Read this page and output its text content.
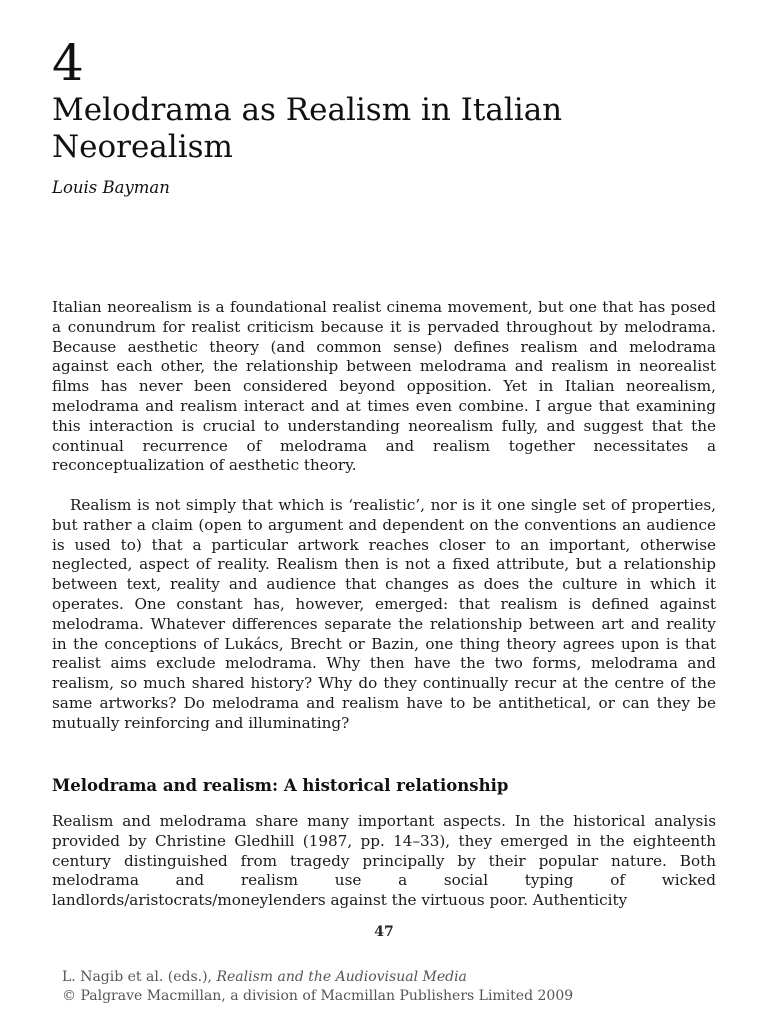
4
Melodrama as Realism in Italian Neorealism
Louis Bayman

Italian neorealism is a foundational realist cinema movement, but one that has posed a conundrum for realist criticism because it is pervaded throughout by melodrama. Because aesthetic theory (and common sense) defines realism and melodrama against each other, the relationship between melodrama and realism in neorealist films has never been considered beyond opposition. Yet in Italian neorealism, melodrama and realism interact and at times even combine. I argue that examining this interaction is crucial to understanding neorealism fully, and suggest that the continual recurrence of melodrama and realism together necessitates a reconceptualization of aesthetic theory.

Realism is not simply that which is ‘realistic’, nor is it one single set of properties, but rather a claim (open to argument and dependent on the conventions an audience is used to) that a particular artwork reaches closer to an important, otherwise neglected, aspect of reality. Realism then is not a fixed attribute, but a relationship between text, reality and audience that changes as does the culture in which it operates. One constant has, however, emerged: that realism is defined against melodrama. Whatever differences separate the relationship between art and reality in the conceptions of Lukács, Brecht or Bazin, one thing theory agrees upon is that realist aims exclude melodrama. Why then have the two forms, melodrama and realism, so much shared history? Why do they continually recur at the centre of the same artworks? Do melodrama and realism have to be antithetical, or can they be mutually reinforcing and illuminating?

Melodrama and realism: A historical relationship

Realism and melodrama share many important aspects. In the historical analysis provided by Christine Gledhill (1987, pp. 14–33), they emerged in the eighteenth century distinguished from tragedy principally by their popular nature. Both melodrama and realism use a social typing of wicked landlords/aristocrats/moneylenders against the virtuous poor. Authenticity

47
L. Nagib et al. (eds.), Realism and the Audiovisual Media
© Palgrave Macmillan, a division of Macmillan Publishers Limited 2009
